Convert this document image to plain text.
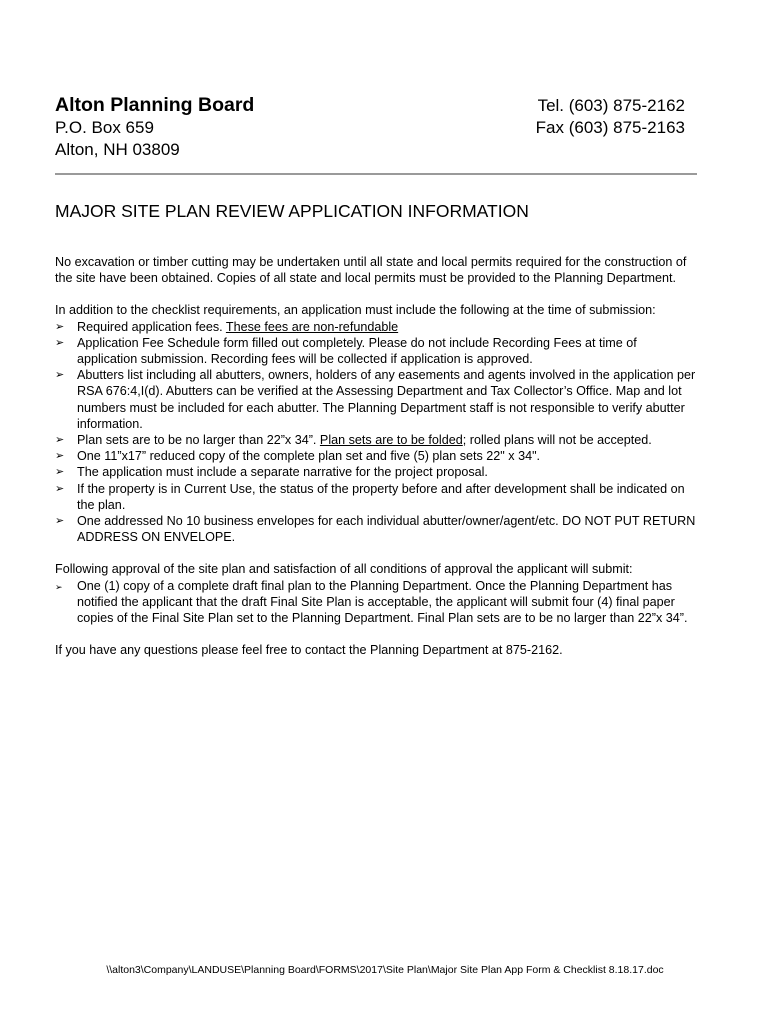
Alton Planning Board
P.O. Box 659
Alton, NH 03809
Tel. (603) 875-2162
Fax (603) 875-2163
MAJOR SITE PLAN REVIEW APPLICATION INFORMATION

No excavation or timber cutting may be undertaken until all state and local permits required for the construction of the site have been obtained. Copies of all state and local permits must be provided to the Planning Department.

In addition to the checklist requirements, an application must include the following at the time of submission:
➢ Required application fees. These fees are non-refundable
➢ Application Fee Schedule form filled out completely. Please do not include Recording Fees at time of application submission. Recording fees will be collected if application is approved.
➢ Abutters list including all abutters, owners, holders of any easements and agents involved in the application per RSA 676:4,I(d). Abutters can be verified at the Assessing Department and Tax Collector’s Office. Map and lot numbers must be included for each abutter. The Planning Department staff is not responsible to verify abutter information.
➢ Plan sets are to be no larger than 22”x 34”. Plan sets are to be folded; rolled plans will not be accepted.
➢ One 11”x17” reduced copy of the complete plan set and five (5) plan sets 22" x 34".
➢ The application must include a separate narrative for the project proposal.
➢ If the property is in Current Use, the status of the property before and after development shall be indicated on the plan.
➢ One addressed No 10 business envelopes for each individual abutter/owner/agent/etc. DO NOT PUT RETURN ADDRESS ON ENVELOPE.
Following approval of the site plan and satisfaction of all conditions of approval the applicant will submit:
➢ One (1) copy of a complete draft final plan to the Planning Department. Once the Planning Department has notified the applicant that the draft Final Site Plan is acceptable, the applicant will submit four (4) final paper copies of the Final Site Plan set to the Planning Department. Final Plan sets are to be no larger than 22”x 34”.

If you have any questions please feel free to contact the Planning Department at 875-2162.

\\alton3\Company\LANDUSE\Planning Board\FORMS\2017\Site Plan\Major Site Plan App Form & Checklist 8.18.17.doc
